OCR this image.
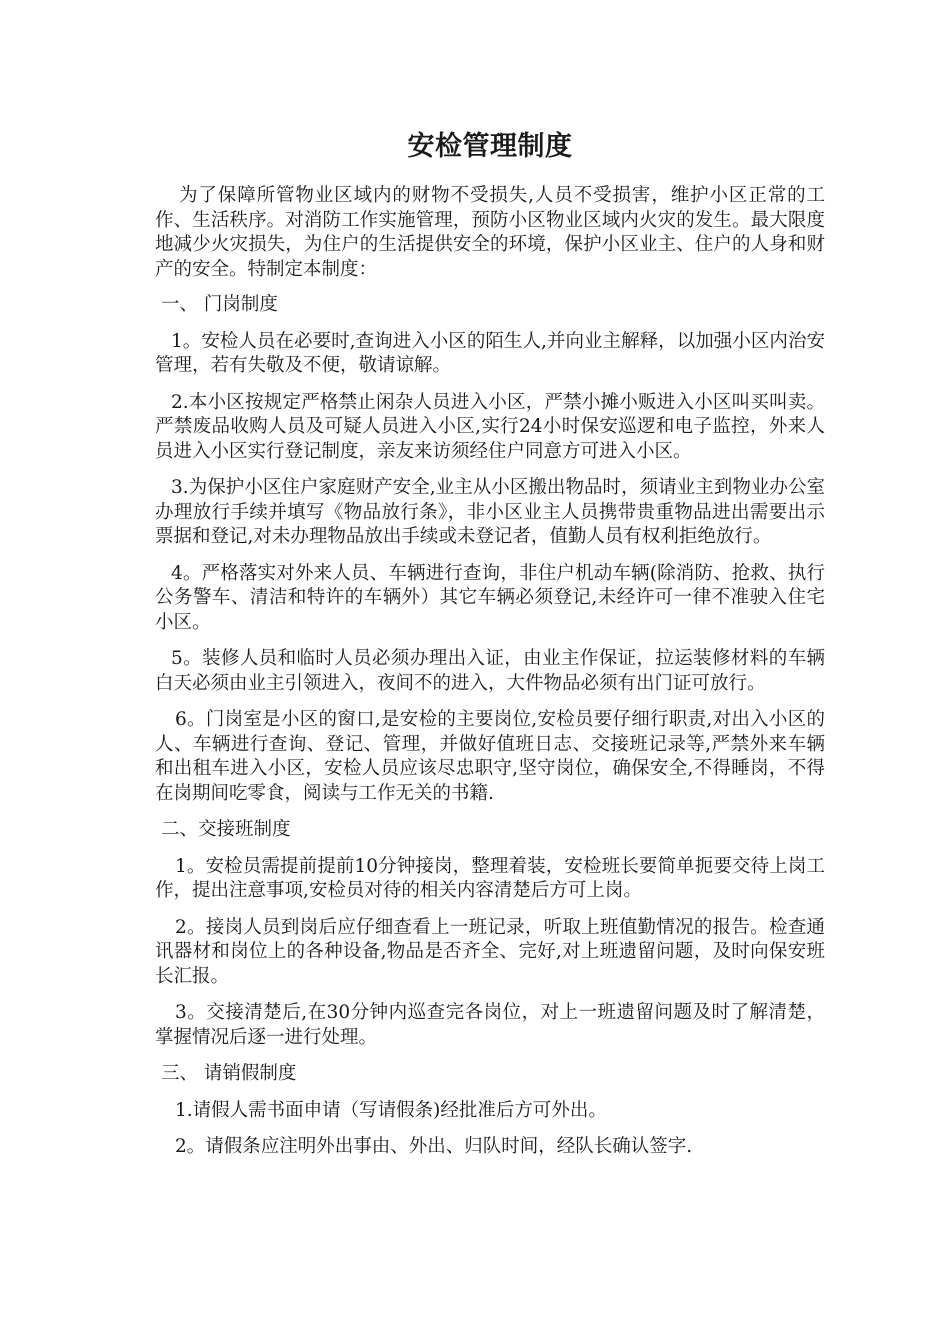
安检管理制度

为了保障所管物业区域内的财物不受损失,人员不受损害，维护小区正常的工作、生活秩序。对消防工作实施管理，预防小区物业区域内火灾的发生。最大限度地减少火灾损失，为住户的生活提供安全的环境，保护小区业主、住户的人身和财产的安全。特制定本制度：

一、 门岗制度

1。安检人员在必要时,查询进入小区的陌生人,并向业主解释，以加强小区内治安管理，若有失敬及不便，敬请谅解。

2.本小区按规定严格禁止闲杂人员进入小区，严禁小摊小贩进入小区叫买叫卖。严禁废品收购人员及可疑人员进入小区,实行24小时保安巡逻和电子监控，外来人员进入小区实行登记制度，亲友来访须经住户同意方可进入小区。

3.为保护小区住户家庭财产安全,业主从小区搬出物品时，须请业主到物业办公室办理放行手续并填写《物品放行条》，非小区业主人员携带贵重物品进出需要出示票据和登记,对未办理物品放出手续或未登记者，值勤人员有权利拒绝放行。

4。严格落实对外来人员、车辆进行查询，非住户机动车辆(除消防、抢救、执行公务警车、清洁和特许的车辆外）其它车辆必须登记,未经许可一律不准驶入住宅小区。

5。装修人员和临时人员必须办理出入证，由业主作保证，拉运装修材料的车辆白天必须由业主引领进入，夜间不的进入，大件物品必须有出门证可放行。

6。门岗室是小区的窗口,是安检的主要岗位,安检员要仔细行职责,对出入小区的人、车辆进行查询、登记、管理，并做好值班日志、交接班记录等,严禁外来车辆和出租车进入小区，安检人员应该尽忠职守,坚守岗位，确保安全,不得睡岗，不得在岗期间吃零食，阅读与工作无关的书籍.

二、交接班制度

1。安检员需提前提前10分钟接岗，整理着装，安检班长要简单扼要交待上岗工作，提出注意事项,安检员对待的相关内容清楚后方可上岗。

2。接岗人员到岗后应仔细查看上一班记录，听取上班值勤情况的报告。检查通讯器材和岗位上的各种设备,物品是否齐全、完好,对上班遗留问题，及时向保安班长汇报。

3。交接清楚后,在30分钟内巡查完各岗位，对上一班遗留问题及时了解清楚，掌握情况后逐一进行处理。

三、 请销假制度

1.请假人需书面申请（写请假条)经批准后方可外出。

2。请假条应注明外出事由、外出、归队时间，经队长确认签字.
